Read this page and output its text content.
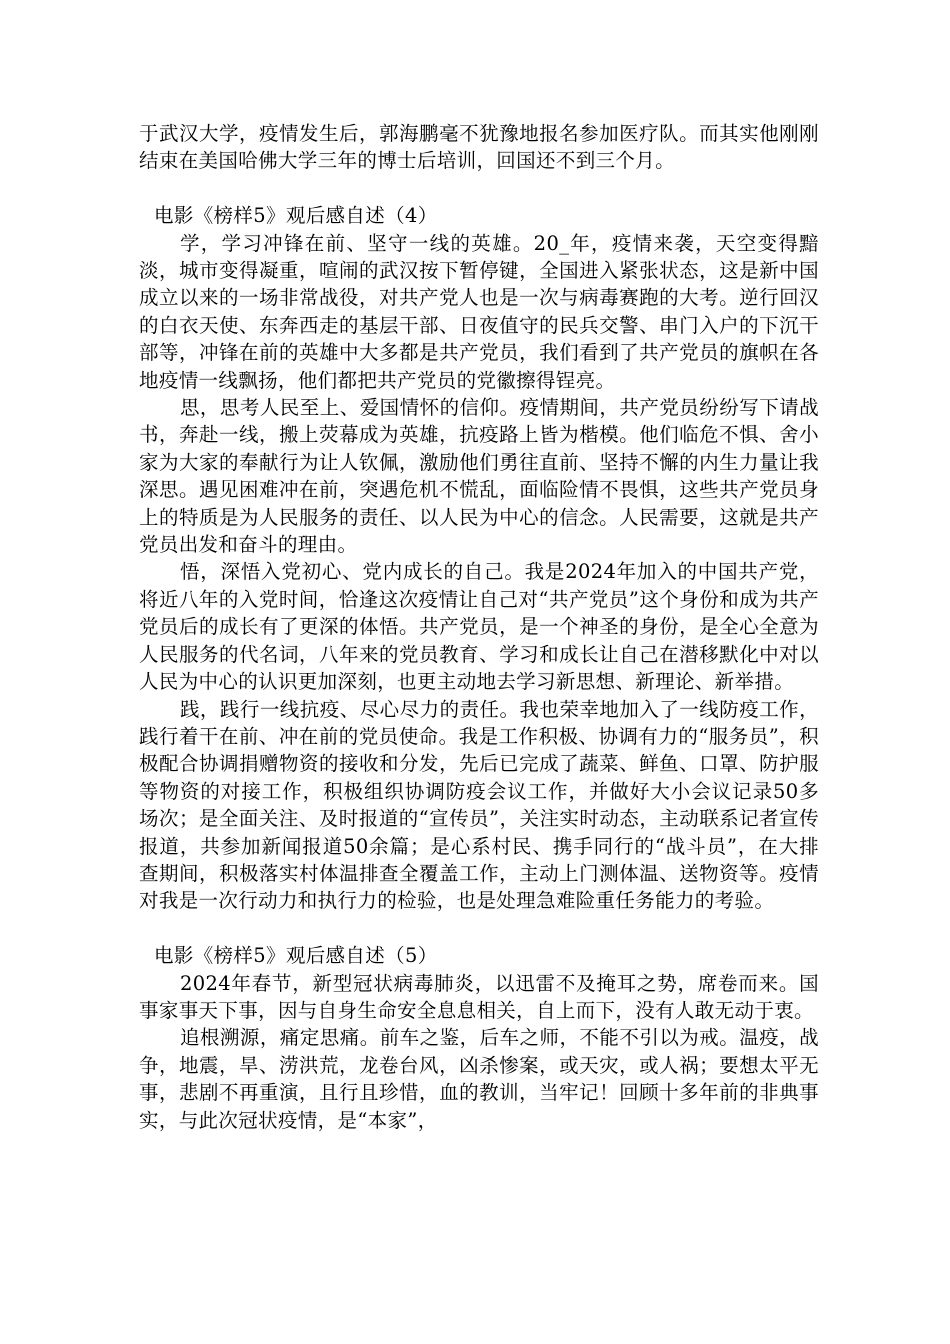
于武汉大学，疫情发生后，郭海鹏毫不犹豫地报名参加医疗队。而其实他刚刚结束在美国哈佛大学三年的博士后培训，回国还不到三个月。

电影《榜样5》观后感自述（4）

学，学习冲锋在前、坚守一线的英雄。20_年，疫情来袭，天空变得黯淡，城市变得凝重，喧闹的武汉按下暂停键，全国进入紧张状态，这是新中国成立以来的一场非常战役，对共产党人也是一次与病毒赛跑的大考。逆行回汉的白衣天使、东奔西走的基层干部、日夜值守的民兵交警、串门入户的下沉干部等，冲锋在前的英雄中大多都是共产党员，我们看到了共产党员的旗帜在各地疫情一线飘扬，他们都把共产党员的党徽擦得锃亮。

思，思考人民至上、爱国情怀的信仰。疫情期间，共产党员纷纷写下请战书，奔赴一线，搬上荧幕成为英雄，抗疫路上皆为楷模。他们临危不惧、舍小家为大家的奉献行为让人钦佩，激励他们勇往直前、坚持不懈的内生力量让我深思。遇见困难冲在前，突遇危机不慌乱，面临险情不畏惧，这些共产党员身上的特质是为人民服务的责任、以人民为中心的信念。人民需要，这就是共产党员出发和奋斗的理由。

悟，深悟入党初心、党内成长的自己。我是2024年加入的中国共产党，将近八年的入党时间，恰逢这次疫情让自己对“共产党员”这个身份和成为共产党员后的成长有了更深的体悟。共产党员，是一个神圣的身份，是全心全意为人民服务的代名词，八年来的党员教育、学习和成长让自己在潜移默化中对以人民为中心的认识更加深刻，也更主动地去学习新思想、新理论、新举措。

践，践行一线抗疫、尽心尽力的责任。我也荣幸地加入了一线防疫工作，践行着干在前、冲在前的党员使命。我是工作积极、协调有力的“服务员”，积极配合协调捐赠物资的接收和分发，先后已完成了蔬菜、鲜鱼、口罩、防护服等物资的对接工作，积极组织协调防疫会议工作，并做好大小会议记录50多场次；是全面关注、及时报道的“宣传员”，关注实时动态，主动联系记者宣传报道，共参加新闻报道50余篇；是心系村民、携手同行的“战斗员”，在大排查期间，积极落实村体温排查全覆盖工作，主动上门测体温、送物资等。疫情对我是一次行动力和执行力的检验，也是处理急难险重任务能力的考验。

电影《榜样5》观后感自述（5）

2024年春节，新型冠状病毒肺炎，以迅雷不及掩耳之势，席卷而来。国事家事天下事，因与自身生命安全息息相关，自上而下，没有人敢无动于衷。

追根溯源，痛定思痛。前车之鉴，后车之师，不能不引以为戒。温疫，战争，地震，旱、涝洪荒，龙卷台风，凶杀惨案，或天灾，或人祸；要想太平无事，悲剧不再重演，且行且珍惜，血的教训，当牢记！回顾十多年前的非典事实，与此次冠状疫情，是“本家”，
